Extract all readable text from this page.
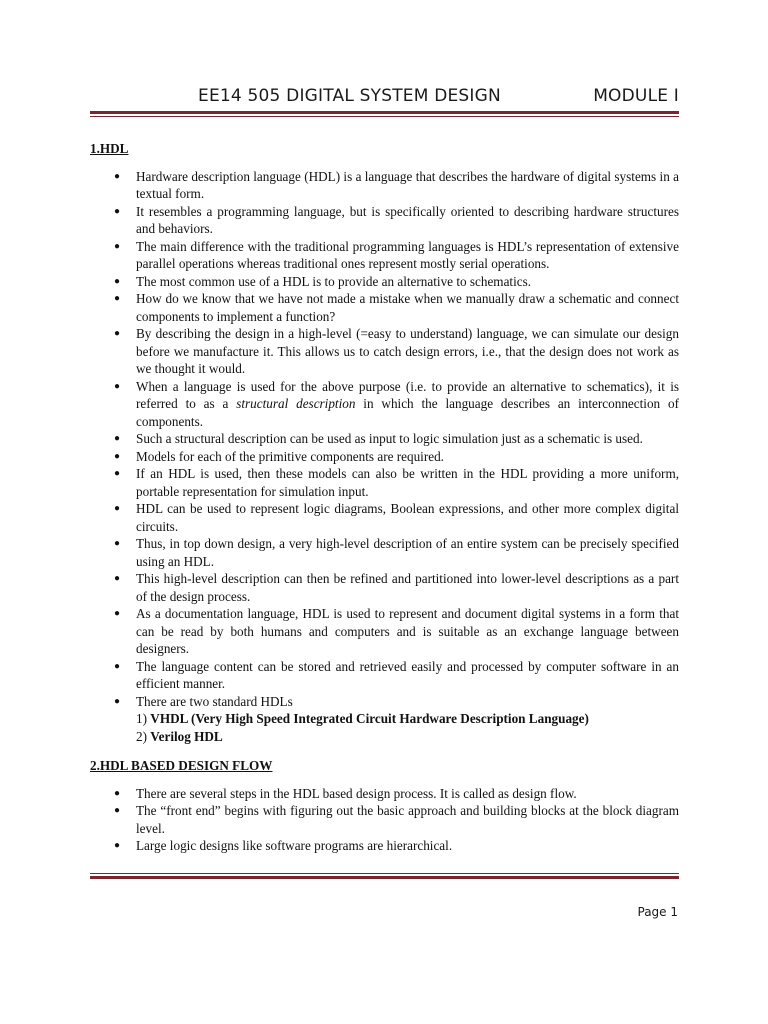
EE14 505 DIGITAL SYSTEM DESIGN	MODULE I
1.HDL
● Hardware description language (HDL) is a language that describes the hardware of digital systems in a textual form.
● It resembles a programming language, but is specifically oriented to describing hardware structures and behaviors.
● The main difference with the traditional programming languages is HDL’s representation of extensive parallel operations whereas traditional ones represent mostly serial operations.
● The most common use of a HDL is to provide an alternative to schematics.
● How do we know that we have not made a mistake when we manually draw a schematic and connect components to implement a function?
● By describing the design in a high-level (=easy to understand) language, we can simulate our design before we manufacture it. This allows us to catch design errors, i.e., that the design does not work as we thought it would.
● When a language is used for the above purpose (i.e. to provide an alternative to schematics), it is referred to as a structural description in which the language describes an interconnection of components.
● Such a structural description can be used as input to logic simulation just as a schematic is used.
● Models for each of the primitive components are required.
● If an HDL is used, then these models can also be written in the HDL providing a more uniform, portable representation for simulation input.
● HDL can be used to represent logic diagrams, Boolean expressions, and other more complex digital circuits.
● Thus, in top down design, a very high-level description of an entire system can be precisely specified using an HDL.
● This high-level description can then be refined and partitioned into lower-level descriptions as a part of the design process.
● As a documentation language, HDL is used to represent and document digital systems in a form that can be read by both humans and computers and is suitable as an exchange language between designers.
● The language content can be stored and retrieved easily and processed by computer software in an efficient manner.
● There are two standard HDLs
1) VHDL (Very High Speed Integrated Circuit Hardware Description Language)
2) Verilog HDL
2.HDL BASED DESIGN FLOW
● There are several steps in the HDL based design process. It is called as design flow.
● The “front end” begins with figuring out the basic approach and building blocks at the block diagram level.
● Large logic designs like software programs are hierarchical.
Page 1
